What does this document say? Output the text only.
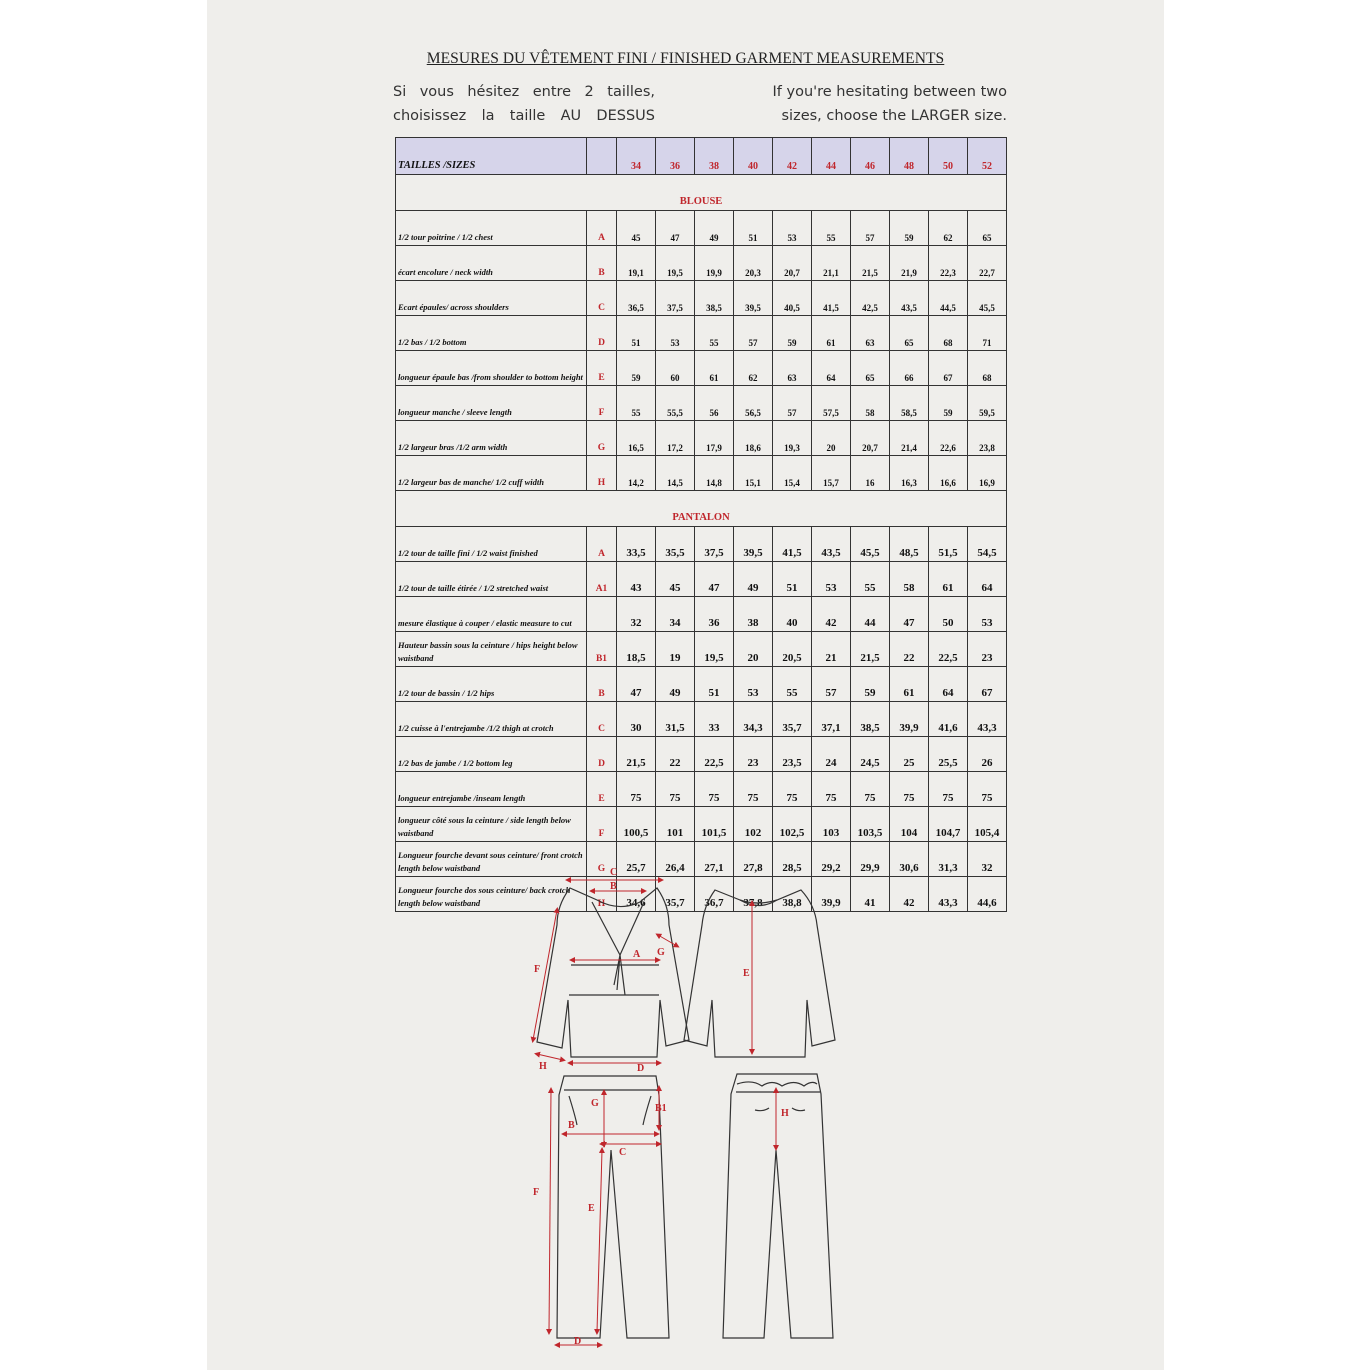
MESURES DU VÊTEMENT FINI / FINISHED GARMENT MEASUREMENTS
Si vous hésitez entre 2 tailles, choisissez la taille AU DESSUS
If you're hesitating between two sizes, choose the LARGER size.
TAILLES /SIZES		34	36	38	40	42	44	46	48	50	52
BLOUSE											
1/2 tour poitrine / 1/2 chest	A	45	47	49	51	53	55	57	59	62	65
écart encolure / neck width	B	19,1	19,5	19,9	20,3	20,7	21,1	21,5	21,9	22,3	22,7
Ecart épaules/ across shoulders	C	36,5	37,5	38,5	39,5	40,5	41,5	42,5	43,5	44,5	45,5
1/2 bas / 1/2 bottom	D	51	53	55	57	59	61	63	65	68	71
longueur épaule bas /from shoulder to bottom height	E	59	60	61	62	63	64	65	66	67	68
longueur manche / sleeve length	F	55	55,5	56	56,5	57	57,5	58	58,5	59	59,5
1/2 largeur bras /1/2 arm width	G	16,5	17,2	17,9	18,6	19,3	20	20,7	21,4	22,6	23,8
1/2 largeur bas de manche/ 1/2 cuff width	H	14,2	14,5	14,8	15,1	15,4	15,7	16	16,3	16,6	16,9
PANTALON											
1/2 tour de taille fini / 1/2 waist finished	A	33,5	35,5	37,5	39,5	41,5	43,5	45,5	48,5	51,5	54,5
1/2 tour de taille étirée / 1/2 stretched waist	A1	43	45	47	49	51	53	55	58	61	64
mesure élastique à couper / elastic measure to cut		32	34	36	38	40	42	44	47	50	53
Hauteur bassin sous la ceinture / hips height below waistband	B1	18,5	19	19,5	20	20,5	21	21,5	22	22,5	23
1/2 tour de bassin / 1/2 hips	B	47	49	51	53	55	57	59	61	64	67
1/2 cuisse à l'entrejambe /1/2 thigh at crotch	C	30	31,5	33	34,3	35,7	37,1	38,5	39,9	41,6	43,3
1/2 bas de jambe / 1/2 bottom leg	D	21,5	22	22,5	23	23,5	24	24,5	25	25,5	26
longueur entrejambe /inseam length	E	75	75	75	75	75	75	75	75	75	75
longueur côté sous la ceinture / side length below waistband	F	100,5	101	101,5	102	102,5	103	103,5	104	104,7	105,4
Longueur fourche devant sous ceinture/ front crotch length below waistband	G	25,7	26,4	27,1	27,8	28,5	29,2	29,9	30,6	31,3	32
Longueur fourche dos sous ceinture/ back crotch length below waistband	H	34,6	35,7	36,7	37,8	38,8	39,9	41	42	43,3	44,6
C
B
A G
F
H	D
E
G	B1
B
C
F
E
D
H
